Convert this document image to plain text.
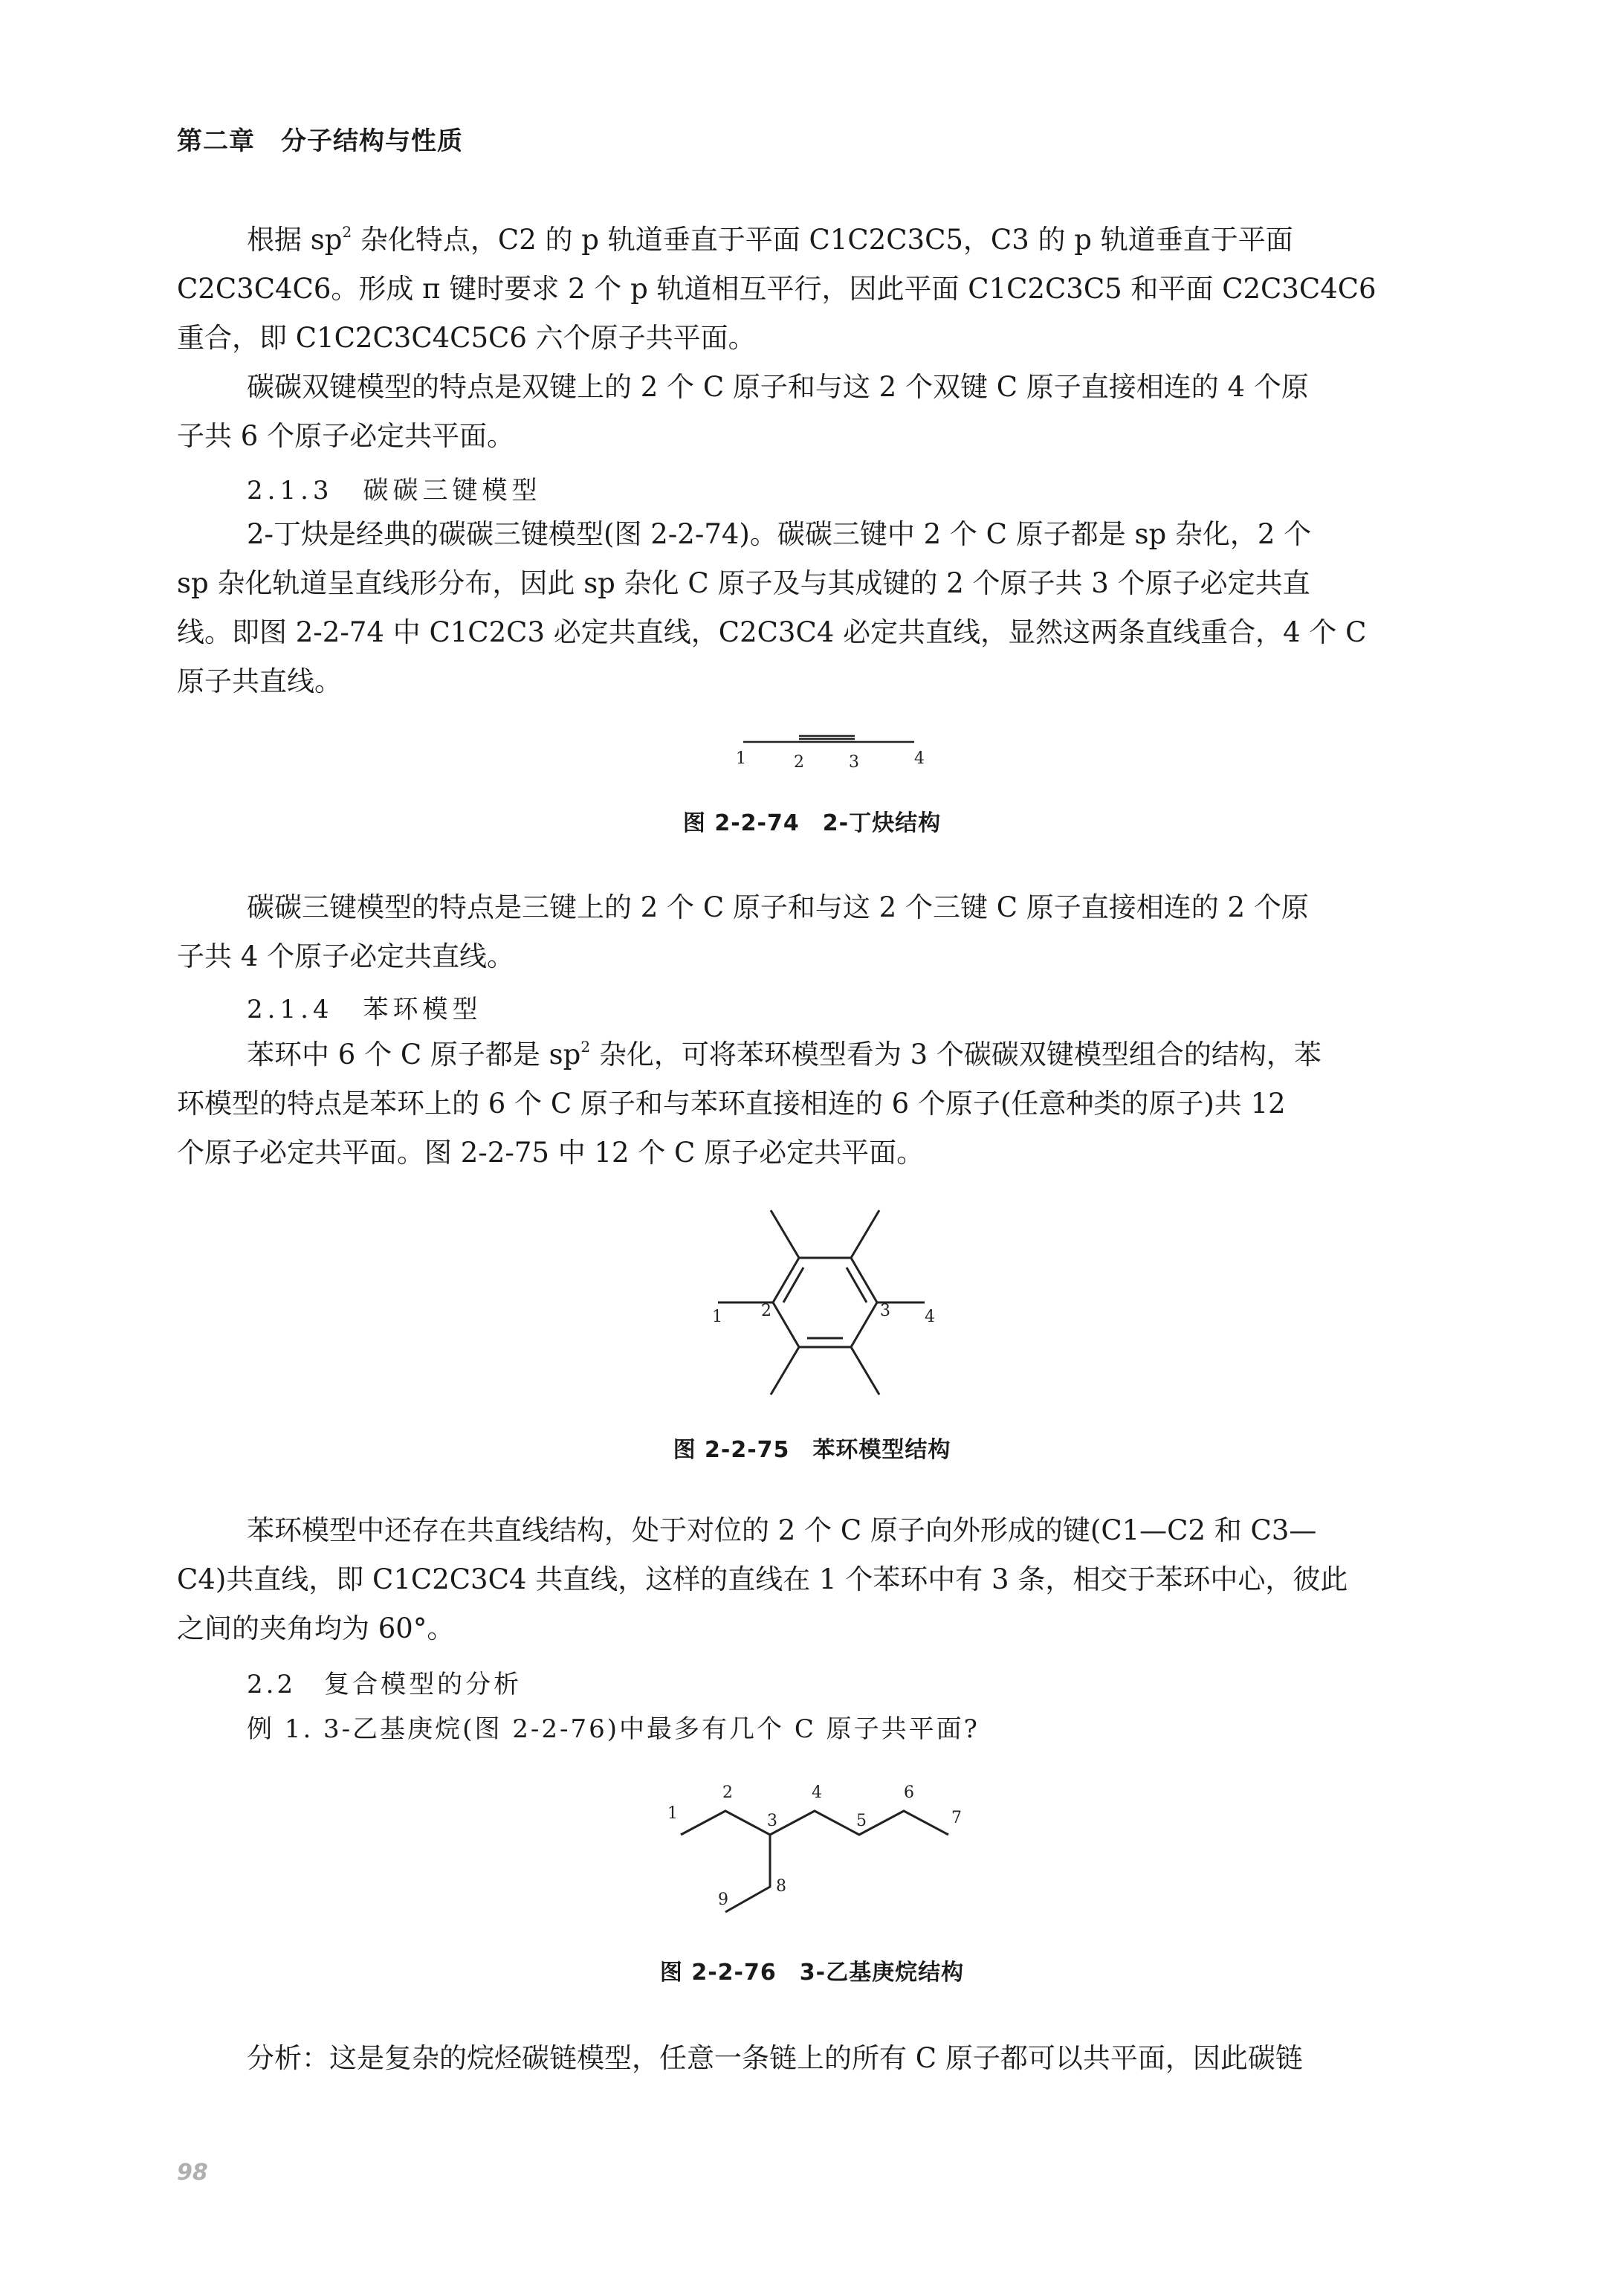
第二章　 分子结构与性质
根据 $sp^2$ 杂化特点，C2 的 p 轨道垂直于平面 C1C2C3C5，C3 的 p 轨道垂直于平面
C2C3C4C6。形成 π 键时要求 2 个 p 轨道相互平行，因此平面 C1C2C3C5 和平面 C2C3C4C6
重合，即 C1C2C3C4C5C6 六个原子共平面。
碳碳双键模型的特点是双键上的 2 个 C 原子和与这 2 个双键 C 原子直接相连的 4 个原
子共 6 个原子必定共平面。
2.1.3　碳碳三键模型
2-丁炔是经典的碳碳三键模型(图 2-2-74)。碳碳三键中 2 个 C 原子都是 sp 杂化，2 个
sp 杂化轨道呈直线形分布，因此 sp 杂化 C 原子及与其成键的 2 个原子共 3 个原子必定共直
线。即图 2-2-74 中 C1C2C3 必定共直线，C2C3C4 必定共直线，显然这两条直线重合，4 个 C
原子共直线。
1	2	3	4
图 2-2-74　2-丁炔结构
碳碳三键模型的特点是三键上的 2 个 C 原子和与这 2 个三键 C 原子直接相连的 2 个原
子共 4 个原子必定共直线。
2.1.4　苯环模型
苯环中 6 个 C 原子都是 $sp^2$ 杂化，可将苯环模型看为 3 个碳碳双键模型组合的结构，苯
环模型的特点是苯环上的 6 个 C 原子和与苯环直接相连的 6 个原子(任意种类的原子)共 12
个原子必定共平面。图 2-2-75 中 12 个 C 原子必定共平面。
1 2	3 4
图 2-2-75　苯环模型结构
苯环模型中还存在共直线结构，处于对位的 2 个 C 原子向外形成的键(C1—C2 和 C3—
C4)共直线，即 C1C2C3C4 共直线，这样的直线在 1 个苯环中有 3 条，相交于苯环中心，彼此
之间的夹角均为 60°。
2.2　复合模型的分析
例 1. 3-乙基庚烷(图 2-2-76)中最多有几个 C 原子共平面?
1
2
3
4
5
6
7
8
9
图 2-2-76　3-乙基庚烷结构
分析：这是复杂的烷烃碳链模型，任意一条链上的所有 C 原子都可以共平面，因此碳链
98
